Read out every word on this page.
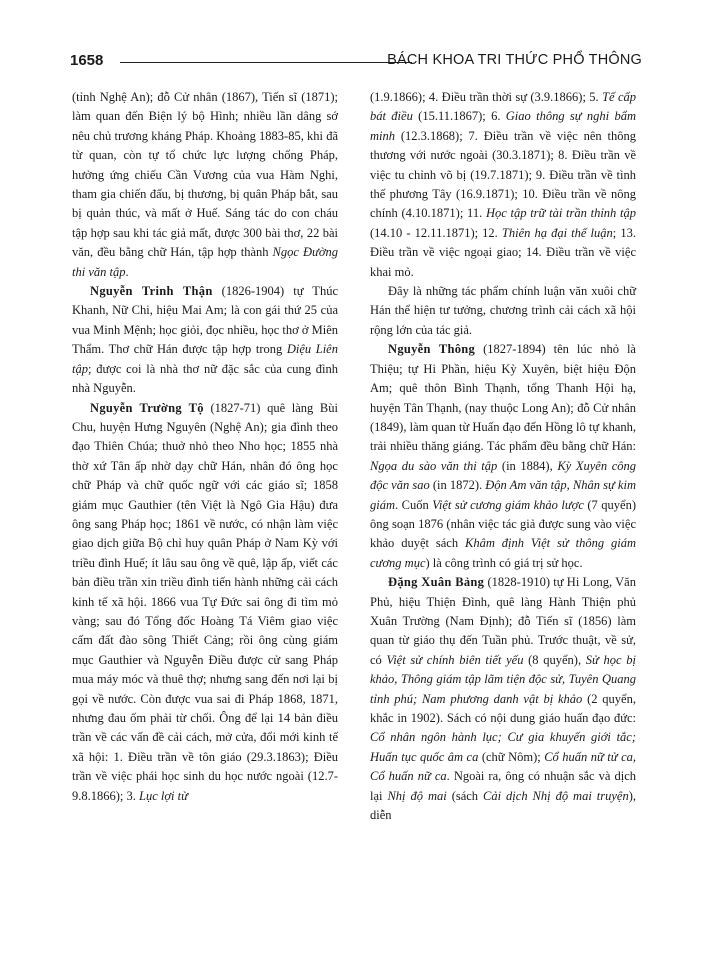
1658	BÁCH KHOA TRI THỨC PHỔ THÔNG

(tỉnh Nghệ An); đỗ Cử nhân (1867), Tiến sĩ (1871); làm quan đến Biện lý bộ Hình; nhiều lần dâng sớ nêu chủ trương kháng Pháp. Khoảng 1883-85, khi đã từ quan, còn tự tổ chức lực lượng chống Pháp, hưởng ứng chiếu Cần Vương của vua Hàm Nghi, tham gia chiến đấu, bị thương, bị quân Pháp bắt, sau bị quản thúc, và mất ở Huế. Sáng tác do con cháu tập hợp sau khi tác giả mất, được 300 bài thơ, 22 bài văn, đều bằng chữ Hán, tập hợp thành Ngọc Đường thi văn tập.

Nguyễn Trinh Thận (1826-1904) tự Thúc Khanh, Nữ Chi, hiệu Mai Am; là con gái thứ 25 của vua Minh Mệnh; học giỏi, đọc nhiều, học thơ ở Miên Thẩm. Thơ chữ Hán được tập hợp trong Diệu Liên tập; được coi là nhà thơ nữ đặc sắc của cung đình nhà Nguyễn.

Nguyễn Trường Tộ (1827-71) quê làng Bùi Chu, huyện Hưng Nguyên (Nghệ An); gia đình theo đạo Thiên Chúa; thuở nhỏ theo Nho học; 1855 nhà thờ xứ Tân ấp nhờ dạy chữ Hán, nhân đó ông học chữ Pháp và chữ quốc ngữ với các giáo sĩ; 1858 giám mục Gauthier (tên Việt là Ngô Gia Hậu) đưa ông sang Pháp học; 1861 về nước, có nhận làm việc giao dịch giữa Bộ chỉ huy quân Pháp ở Nam Kỳ với triều đình Huế; ít lâu sau ông về quê, lập ấp, viết các bản điều trần xin triều đình tiến hành những cải cách kinh tế xã hội. 1866 vua Tự Đức sai ông đi tìm mỏ vàng; sau đó Tổng đốc Hoàng Tá Viêm giao việc cấm đất đào sông Thiết Cảng; rồi ông cùng giám mục Gauthier và Nguyễn Điều được cử sang Pháp mua máy móc và thuê thợ; nhưng sang đến nơi lại bị gọi về nước. Còn được vua sai đi Pháp 1868, 1871, nhưng đau ốm phải từ chối. Ông để lại 14 bản điều trần về các vấn đề cải cách, mở cửa, đổi mới kinh tế xã hội: 1. Điều trần về tôn giáo (29.3.1863); Điều trần về việc phái học sinh du học nước ngoài (12.7-9.8.1866); 3. Lục lợi từ

(1.9.1866); 4. Điều trần thời sự (3.9.1866); 5. Tế cấp bát điều (15.11.1867); 6. Giao thông sự nghi bẩm minh (12.3.1868); 7. Điều trần về việc nên thông thương với nước ngoài (30.3.1871); 8. Điều trần về việc tu chỉnh võ bị (19.7.1871); 9. Điều trần về tình thế phương Tây (16.9.1871); 10. Điều trần về nông chính (4.10.1871); 11. Học tập trữ tài trần thỉnh tập (14.10 - 12.11.1871); 12. Thiên hạ đại thế luận; 13. Điều trần về việc ngoại giao; 14. Điều trần về việc khai mỏ.

Đây là những tác phẩm chính luận văn xuôi chữ Hán thể hiện tư tưởng, chương trình cải cách xã hội rộng lớn của tác giả.

Nguyễn Thông (1827-1894) tên lúc nhỏ là Thiệu; tự Hi Phần, hiệu Kỳ Xuyên, biệt hiệu Độn Am; quê thôn Bình Thạnh, tổng Thanh Hội hạ, huyện Tân Thạnh, (nay thuộc Long An); đỗ Cử nhân (1849), làm quan từ Huấn đạo đến Hồng lô tự khanh, trải nhiều thăng giáng. Tác phẩm đều bằng chữ Hán: Ngọa du sào văn thi tập (in 1884), Kỳ Xuyên công độc văn sao (in 1872). Độn Am văn tập, Nhân sự kim giám. Cuốn Việt sử cương giám khảo lược (7 quyển) ông soạn 1876 (nhân việc tác giả được sung vào việc khảo duyệt sách Khâm định Việt sử thông giám cương mục) là công trình có giá trị sử học.

Đặng Xuân Bảng (1828-1910) tự Hi Long, Văn Phủ, hiệu Thiện Đình, quê làng Hành Thiện phủ Xuân Trường (Nam Định); đỗ Tiến sĩ (1856) làm quan từ giáo thụ đến Tuần phủ. Trước thuật, về sử, có Việt sử chính biên tiết yếu (8 quyển), Sử học bị khảo, Thông giám tập lãm tiện độc sử, Tuyên Quang tỉnh phú; Nam phương danh vật bị khảo (2 quyển, khắc in 1902). Sách có nội dung giáo huấn đạo đức: Cổ nhân ngôn hành lục; Cư gia khuyến giới tắc; Huấn tục quốc âm ca (chữ Nôm); Cổ huấn nữ tử ca, Cổ huấn nữ ca. Ngoài ra, ông có nhuận sắc và dịch lại Nhị độ mai (sách Cải dịch Nhị độ mai truyện), diễn
